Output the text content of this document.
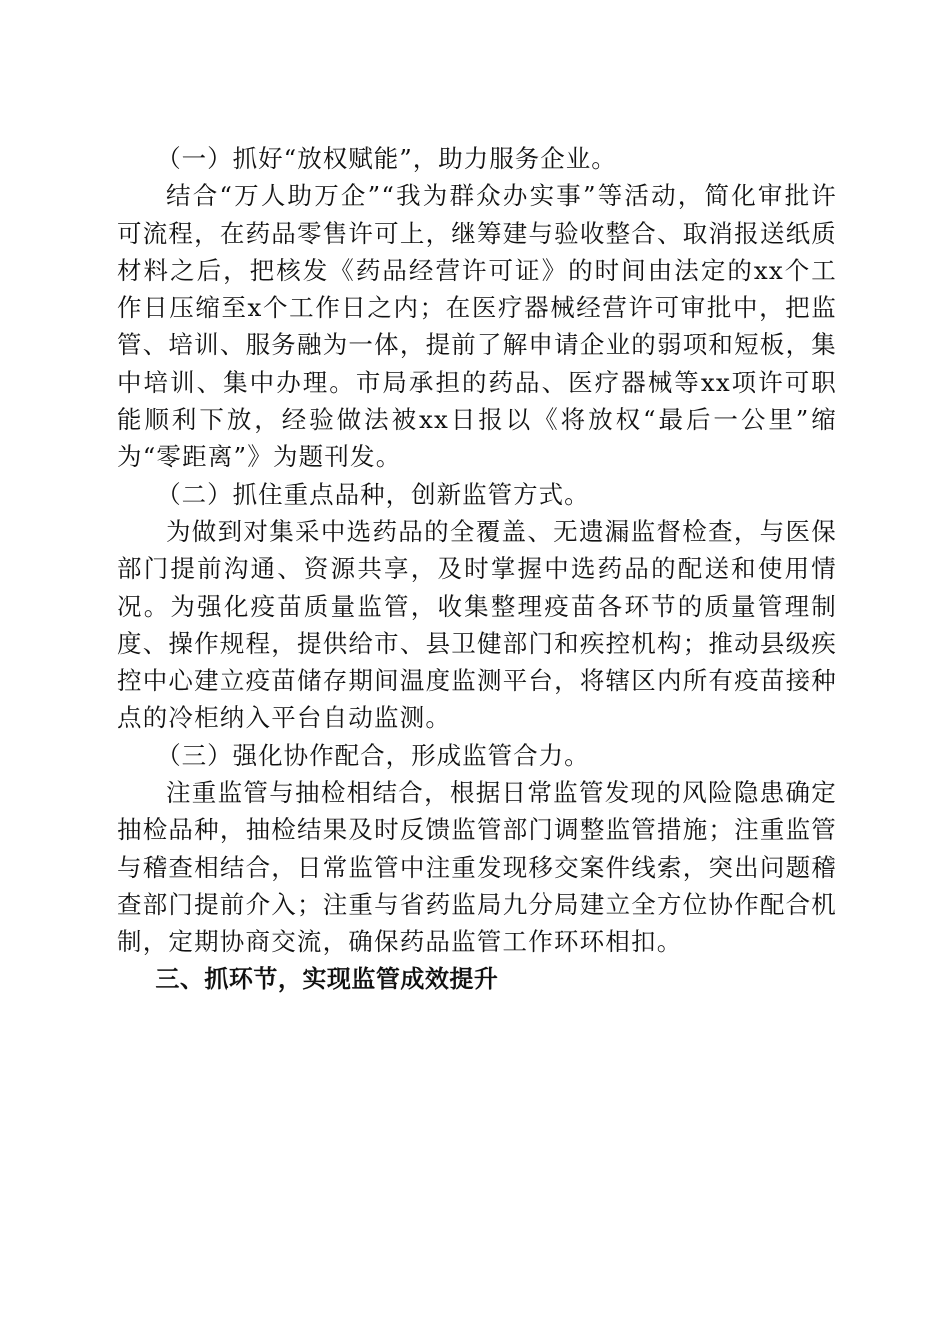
（一）抓好“放权赋能”，助力服务企业。

结合“万人助万企”“我为群众办实事”等活动，简化审批许可流程，在药品零售许可上，继筹建与验收整合、取消报送纸质材料之后，把核发《药品经营许可证》的时间由法定的xx个工作日压缩至x个工作日之内；在医疗器械经营许可审批中，把监管、培训、服务融为一体，提前了解申请企业的弱项和短板，集中培训、集中办理。市局承担的药品、医疗器械等xx项许可职能顺利下放，经验做法被xx日报以《将放权“最后一公里”缩为“零距离”》为题刊发。

（二）抓住重点品种，创新监管方式。

为做到对集采中选药品的全覆盖、无遗漏监督检查，与医保部门提前沟通、资源共享，及时掌握中选药品的配送和使用情况。为强化疫苗质量监管，收集整理疫苗各环节的质量管理制度、操作规程，提供给市、县卫健部门和疾控机构；推动县级疾控中心建立疫苗储存期间温度监测平台，将辖区内所有疫苗接种点的冷柜纳入平台自动监测。

（三）强化协作配合，形成监管合力。

注重监管与抽检相结合，根据日常监管发现的风险隐患确定抽检品种，抽检结果及时反馈监管部门调整监管措施；注重监管与稽查相结合，日常监管中注重发现移交案件线索，突出问题稽查部门提前介入；注重与省药监局九分局建立全方位协作配合机制，定期协商交流，确保药品监管工作环环相扣。

三、抓环节，实现监管成效提升
